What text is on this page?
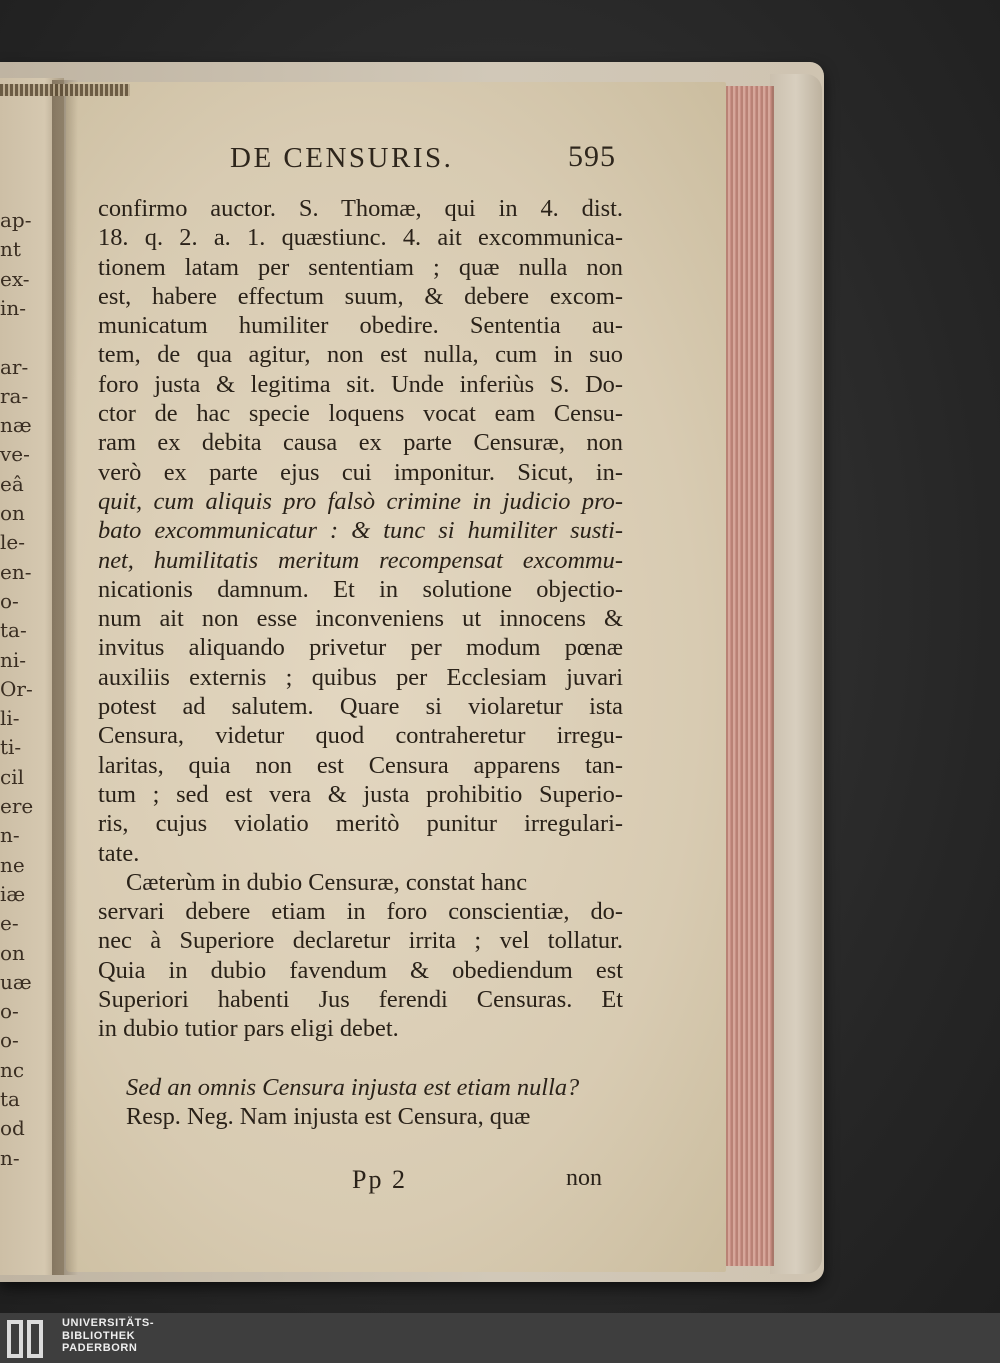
ap-
nt
ex-
in-
ar-
ra-
næ
ve-
eâ
on
le-
en-
o-
ta-
ni-
Or-
li-
ti-
cil
ere
n-
ne
iæ
e-
on
uæ
o-
o-
nc
ta
od
n-
DE CENSURIS.	595
confirmo auctor. S. Thomæ, qui in 4. dist.
18. q. 2. a. 1. quæstiunc. 4. ait excommunica-
tionem latam per sententiam ; quæ nulla non
est, habere effectum suum, & debere excom-
municatum humiliter obedire. Sententia au-
tem, de qua agitur, non est nulla, cum in suo
foro justa & legitima sit. Unde inferiùs S. Do-
ctor de hac specie loquens vocat eam Censu-
ram ex debita causa ex parte Censuræ, non
verò ex parte ejus cui imponitur. Sicut, in-
quit, cum aliquis pro falsò crimine in judicio pro-
bato excommunicatur : & tunc si humiliter susti-
net, humilitatis meritum recompensat excommu-
nicationis damnum. Et in solutione objectio-
num ait non esse inconveniens ut innocens &
invitus aliquando privetur per modum pœnæ
auxiliis externis ; quibus per Ecclesiam juvari
potest ad salutem. Quare si violaretur ista
Censura, videtur quod contraheretur irregu-
laritas, quia non est Censura apparens tan-
tum ; sed est vera & justa prohibitio Superio-
ris, cujus violatio meritò punitur irregulari-
tate.
Cæterùm in dubio Censuræ, constat hanc
servari debere etiam in foro conscientiæ, do-
nec à Superiore declaretur irrita ; vel tollatur.
Quia in dubio favendum & obediendum est
Superiori habenti Jus ferendi Censuras. Et
in dubio tutior pars eligi debet.
Sed an omnis Censura injusta est etiam nulla?
Resp. Neg. Nam injusta est Censura, quæ
Pp 2	non
UNIVERSITÄTS-
BIBLIOTHEK
PADERBORN
